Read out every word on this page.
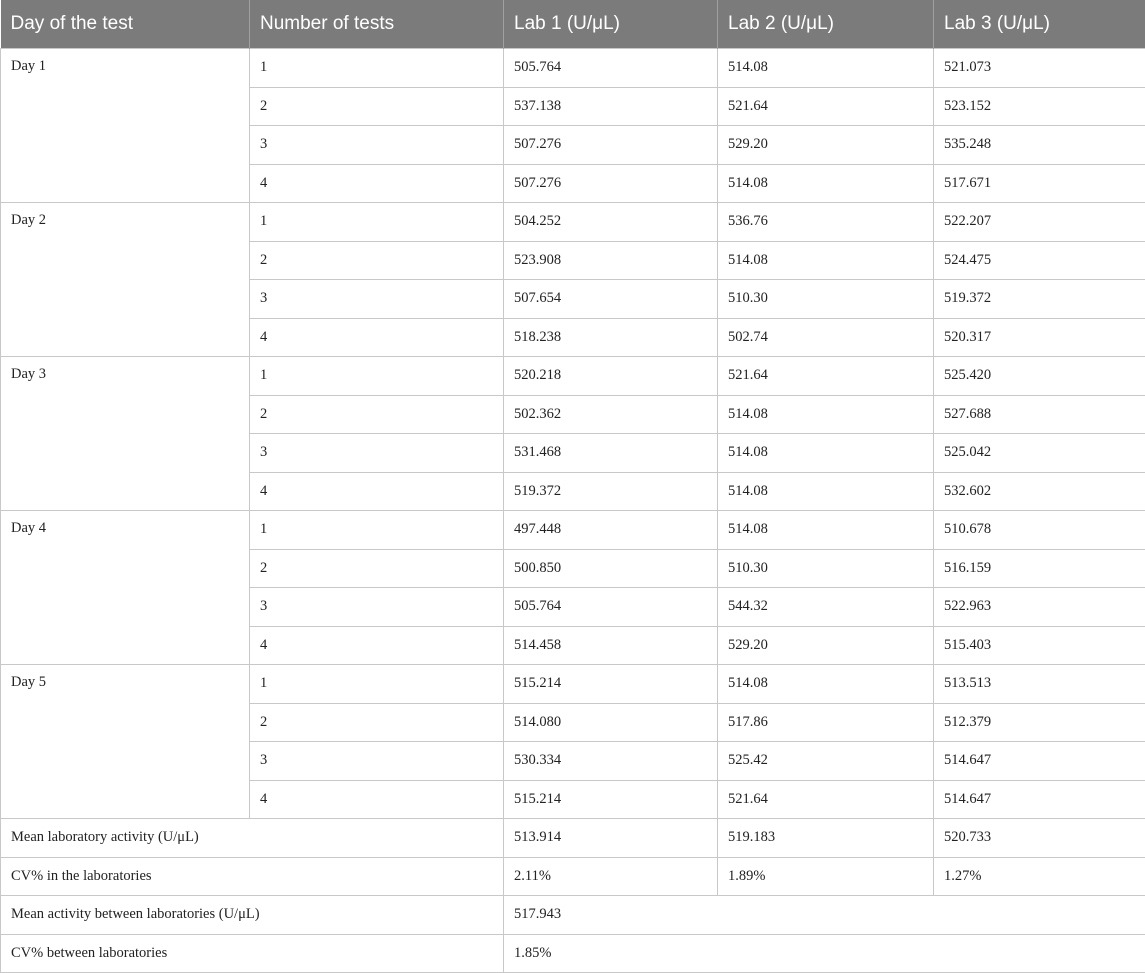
Day of the test	Number of tests	Lab 1 (U/μL)	Lab 2 (U/μL)	Lab 3 (U/μL)
Day 1	1	505.764	514.08	521.073
	2	537.138	521.64	523.152
	3	507.276	529.20	535.248
	4	507.276	514.08	517.671
Day 2	1	504.252	536.76	522.207
	2	523.908	514.08	524.475
	3	507.654	510.30	519.372
	4	518.238	502.74	520.317
Day 3	1	520.218	521.64	525.420
	2	502.362	514.08	527.688
	3	531.468	514.08	525.042
	4	519.372	514.08	532.602
Day 4	1	497.448	514.08	510.678
	2	500.850	510.30	516.159
	3	505.764	544.32	522.963
	4	514.458	529.20	515.403
Day 5	1	515.214	514.08	513.513
	2	514.080	517.86	512.379
	3	530.334	525.42	514.647
	4	515.214	521.64	514.647
Mean laboratory activity (U/μL)		513.914	519.183	520.733
CV% in the laboratories		2.11%	1.89%	1.27%
Mean activity between laboratories (U/μL)		517.943		
CV% between laboratories		1.85%		
